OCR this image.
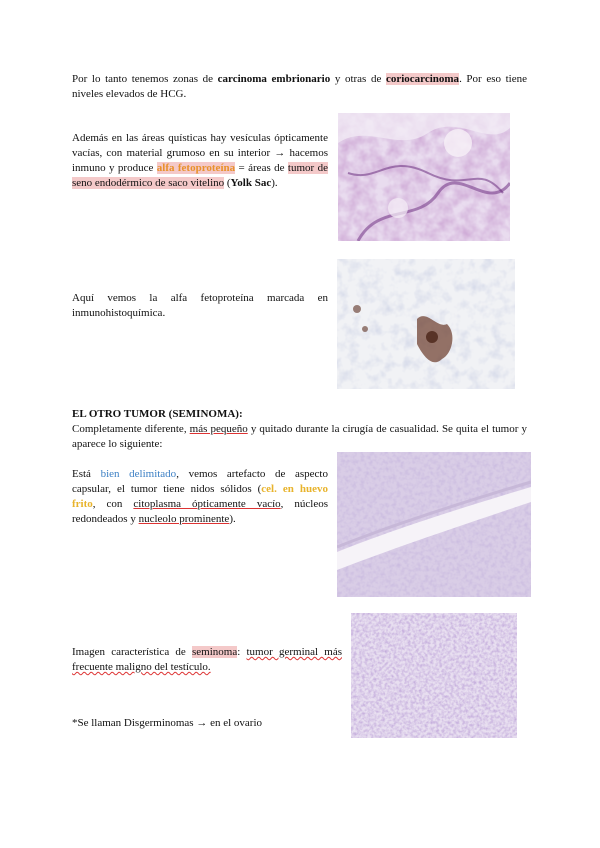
Por lo tanto tenemos zonas de carcinoma embrionario y otras de coriocarcinoma. Por eso tiene niveles elevados de HCG.
Además en las áreas quísticas hay vesículas ópticamente vacías, con material grumoso en su interior → hacemos inmuno y produce alfa fetoproteína = áreas de tumor de seno endodérmico de saco vitelino (Yolk Sac).
Aquí vemos la alfa fetoproteína marcada en inmunohistoquímica.
EL OTRO TUMOR (SEMINOMA):
Completamente diferente, más pequeño y quitado durante la cirugía de casualidad. Se quita el tumor y aparece lo siguiente:
Está bien delimitado, vemos artefacto de aspecto capsular, el tumor tiene nidos sólidos (cel. en huevo frito, con citoplasma ópticamente vacío, núcleos redondeados y nucleolo prominente).
Imagen característica de seminoma: tumor germinal más frecuente maligno del testículo.
*Se llaman Disgerminomas → en el ovario
